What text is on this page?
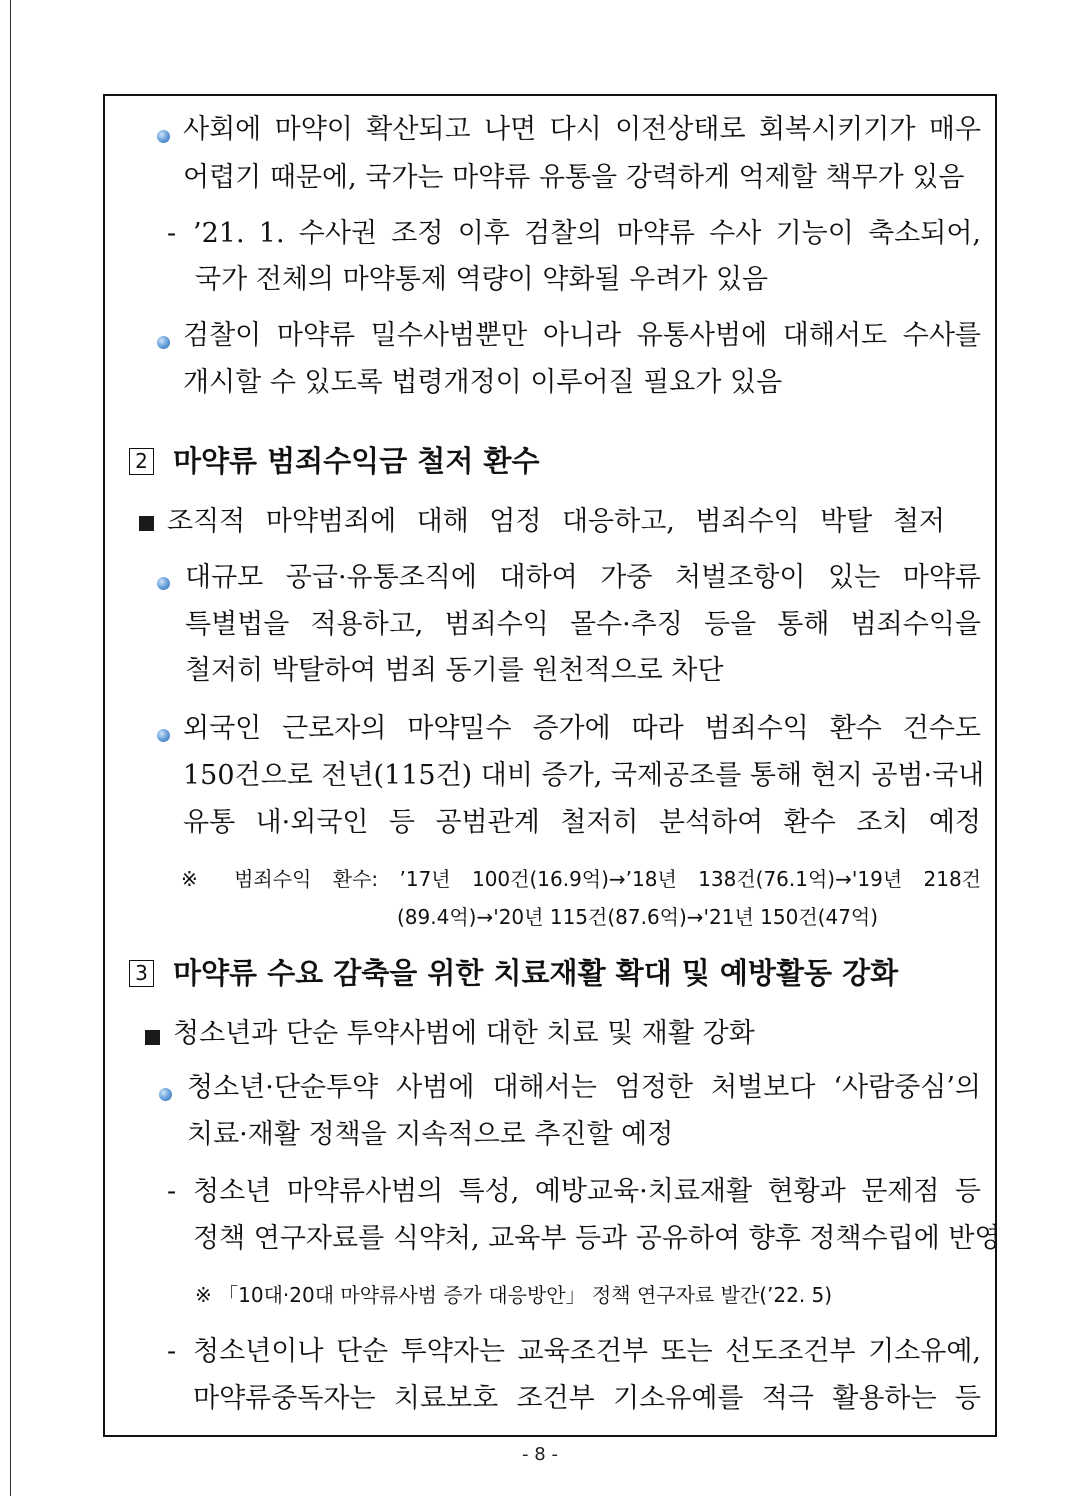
사회에 마약이 확산되고 나면 다시 이전상태로 회복시키기가 매우
어렵기 때문에, 국가는 마약류 유통을 강력하게 억제할 책무가 있음
- ’21. 1. 수사권 조정 이후 검찰의 마약류 수사 기능이 축소되어,
국가 전체의 마약통제 역량이 약화될 우려가 있음
검찰이 마약류 밀수사범뿐만 아니라 유통사범에 대해서도 수사를
개시할 수 있도록 법령개정이 이루어질 필요가 있음
2 마약류 범죄수익금 철저 환수
조직적 마약범죄에 대해 엄정 대응하고, 범죄수익 박탈 철저
대규모 공급·유통조직에 대하여 가중 처벌조항이 있는 마약류
특별법을 적용하고, 범죄수익 몰수·추징 등을 통해 범죄수익을
철저히 박탈하여 범죄 동기를 원천적으로 차단
외국인 근로자의 마약밀수 증가에 따라 범죄수익 환수 건수도
150건으로 전년(115건) 대비 증가, 국제공조를 통해 현지 공범·국내
유통 내·외국인 등 공범관계 철저히 분석하여 환수 조치 예정
※ 범죄수익 환수: ’17년 100건(16.9억)→’18년 138건(76.1억)→'19년 218건
(89.4억)→'20년 115건(87.6억)→'21년 150건(47억)
3 마약류 수요 감축을 위한 치료재활 확대 및 예방활동 강화
청소년과 단순 투약사범에 대한 치료 및 재활 강화
청소년·단순투약 사범에 대해서는 엄정한 처벌보다 ‘사람중심’의
치료·재활 정책을 지속적으로 추진할 예정
- 청소년 마약류사범의 특성, 예방교육·치료재활 현황과 문제점 등
정책 연구자료를 식약처, 교육부 등과 공유하여 향후 정책수립에 반영
※ 「10대·20대 마약류사범 증가 대응방안」 정책 연구자료 발간(’22. 5)
- 청소년이나 단순 투약자는 교육조건부 또는 선도조건부 기소유예,
마약류중독자는 치료보호 조건부 기소유예를 적극 활용하는 등
- 8 -
